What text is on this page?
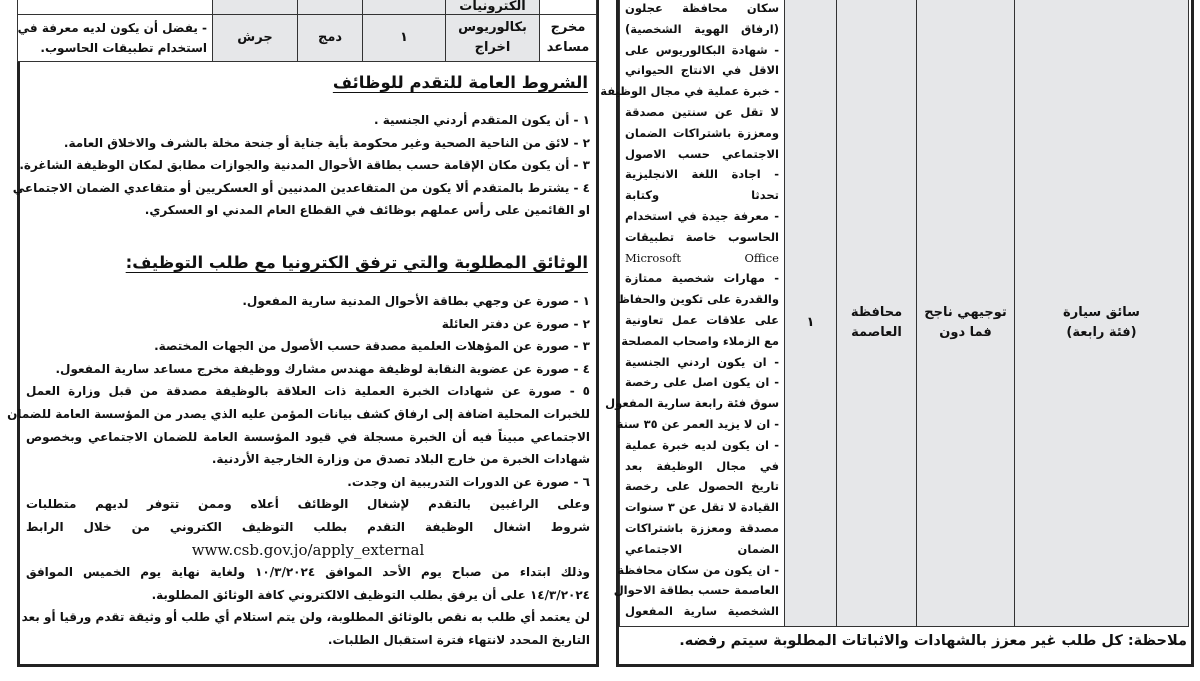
الكترونيات
مخرج
مساعد
بكالوريوس
اخراج
١
دمج
جرش
- يفضل أن يكون لديه معرفة في
استخدام تطبيقات الحاسوب.
الشروط العامة للتقدم للوظائف
١ - أن يكون المتقدم أردني الجنسية .
٢ - لائق من الناحية الصحية وغير محكومة بأية جناية أو جنحة مخلة بالشرف والاخلاق العامة.
٣ - أن يكون مكان الإقامة حسب بطاقة الأحوال المدنية والجوازات مطابق لمكان الوظيفة الشاغرة.
٤ - يشترط بالمتقدم ألا يكون من المتقاعدين المدنيين أو العسكريين أو متقاعدي الضمان الاجتماعي
او القائمين على رأس عملهم بوظائف في القطاع العام المدني او العسكري.
الوثائق المطلوبة والتي ترفق الكترونيا مع طلب التوظيف:
١ - صورة عن وجهي بطاقة الأحوال المدنية سارية المفعول.
٢ - صورة عن دفتر العائلة
٣ - صورة عن المؤهلات العلمية مصدقة حسب الأصول من الجهات المختصة.
٤ - صورة عن عضوية النقابة لوظيفة مهندس مشارك ووظيفة مخرج مساعد سارية المفعول.
٥ - صورة عن شهادات الخبرة العملية ذات العلاقة بالوظيفة مصدقة من قبل وزارة العمل
للخبرات المحلية اضافة إلى ارفاق كشف بيانات المؤمن عليه الذي يصدر من المؤسسة العامة للضمان
الاجتماعي مبيناً فيه أن الخبرة مسجلة في قيود المؤسسة العامة للضمان الاجتماعي وبخصوص
شهادات الخبرة من خارج البلاد تصدق من وزارة الخارجية الأردنية.
٦ - صورة عن الدورات التدريبية ان وجدت.
وعلى الراغبين بالتقدم لإشغال الوظائف أعلاه وممن تتوفر لديهم متطلبات
شروط اشغال الوظيفة التقدم بطلب التوظيف الكتروني من خلال الرابط
www.csb.gov.jo/apply_external
وذلك ابتداء من صباح يوم الأحد الموافق ١٠/٣/٢٠٢٤ ولغاية نهاية يوم الخميس الموافق
١٤/٣/٢٠٢٤ على أن يرفق بطلب التوظيف الالكتروني كافة الوثائق المطلوبة.
لن يعتمد أي طلب به نقص بالوثائق المطلوبة، ولن يتم استلام أي طلب أو وثيقة تقدم ورقيا أو بعد
التاريخ المحدد لانتهاء فترة استقبال الطلبات.
سائق سيارة
(فئة رابعة)
توجيهي ناجح
فما دون
محافظة
العاصمة
١
سكان محافظة عجلون
(ارفاق الهوية الشخصية)
- شهادة البكالوريوس على
الاقل في الانتاج الحيواني
- خبرة عملية في مجال الوظيفة
لا تقل عن سنتين مصدقة
ومعززة باشتراكات الضمان
الاجتماعي حسب الاصول
- اجادة اللغة الانجليزية
تحدثا وكتابة
- معرفة جيدة في استخدام
الحاسوب خاصة تطبيقات
Microsoft Office
- مهارات شخصية ممتازة
والقدرة على تكوين والحفاظ
على علاقات عمل تعاونية
مع الزملاء واصحاب المصلحة
- ان يكون اردني الجنسية
- ان يكون اصل على رخصة
سوق فئة رابعة سارية المفعول
- ان لا يزيد العمر عن ٣٥ سنة
- ان يكون لديه خبرة عملية
في مجال الوظيفة بعد
تاريخ الحصول على رخصة
القيادة لا تقل عن ٣ سنوات
مصدقة ومعززة باشتراكات
الضمان الاجتماعي
- ان يكون من سكان محافظة
العاصمة حسب بطاقة الاحوال
الشخصية سارية المفعول
ملاحظة: كل طلب غير معزز بالشهادات والاثباتات المطلوبة سيتم رفضه.
